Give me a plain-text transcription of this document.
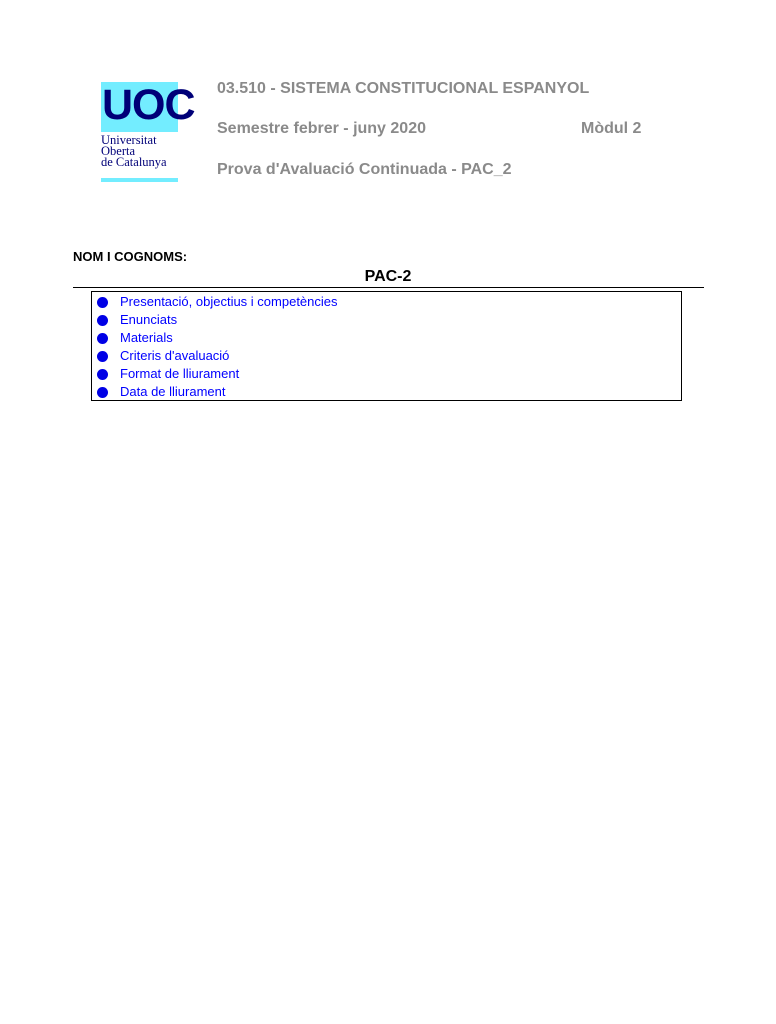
UOC
Universitat
Oberta
de Catalunya
03.510 - SISTEMA CONSTITUCIONAL ESPANYOL
Semestre febrer - juny 2020	Mòdul 2
Prova d'Avaluació Continuada - PAC_2
NOM I COGNOMS:
PAC-2
Presentació, objectius i competències
Enunciats
Materials
Criteris d'avaluació
Format de lliurament
Data de lliurament
